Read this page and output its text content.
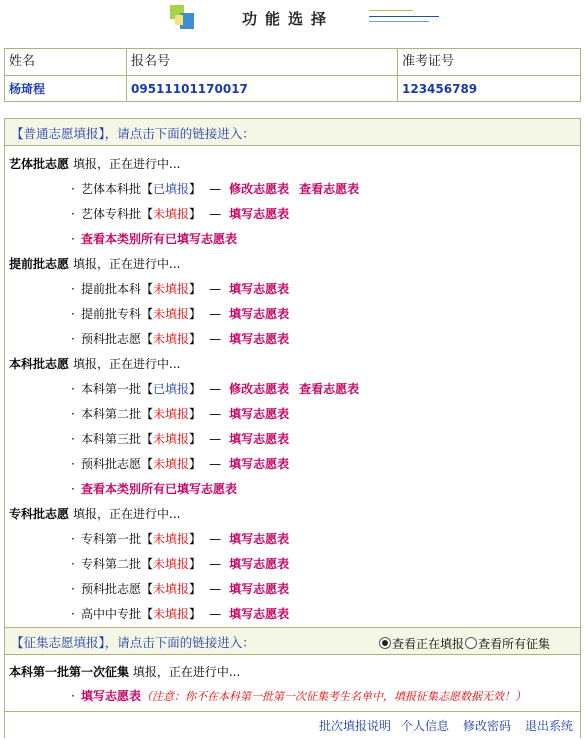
功能选择
姓名	报名号	准考证号
杨琦程	09511101170017	123456789
【普通志愿填报】，请点击下面的链接进入：
艺体批志愿 填报，正在进行中...
· 艺体本科批【已填报】 — 修改志愿表 查看志愿表
· 艺体专科批【未填报】 — 填写志愿表
· 查看本类别所有已填写志愿表
提前批志愿 填报，正在进行中...
· 提前批本科【未填报】 — 填写志愿表
· 提前批专科【未填报】 — 填写志愿表
· 预科批志愿【未填报】 — 填写志愿表
本科批志愿 填报，正在进行中...
· 本科第一批【已填报】 — 修改志愿表 查看志愿表
· 本科第二批【未填报】 — 填写志愿表
· 本科第三批【未填报】 — 填写志愿表
· 预科批志愿【未填报】 — 填写志愿表
· 查看本类别所有已填写志愿表
专科批志愿 填报，正在进行中...
· 专科第一批【未填报】 — 填写志愿表
· 专科第二批【未填报】 — 填写志愿表
· 预科批志愿【未填报】 — 填写志愿表
· 高中中专批【未填报】 — 填写志愿表
【征集志愿填报】，请点击下面的链接进入：	查看正在填报	查看所有征集
本科第一批第一次征集 填报，正在进行中...
· 填写志愿表（注意：你不在本科第一批第一次征集考生名单中，填报征集志愿数据无效！）
批次填报说明 个人信息 修改密码 退出系统
